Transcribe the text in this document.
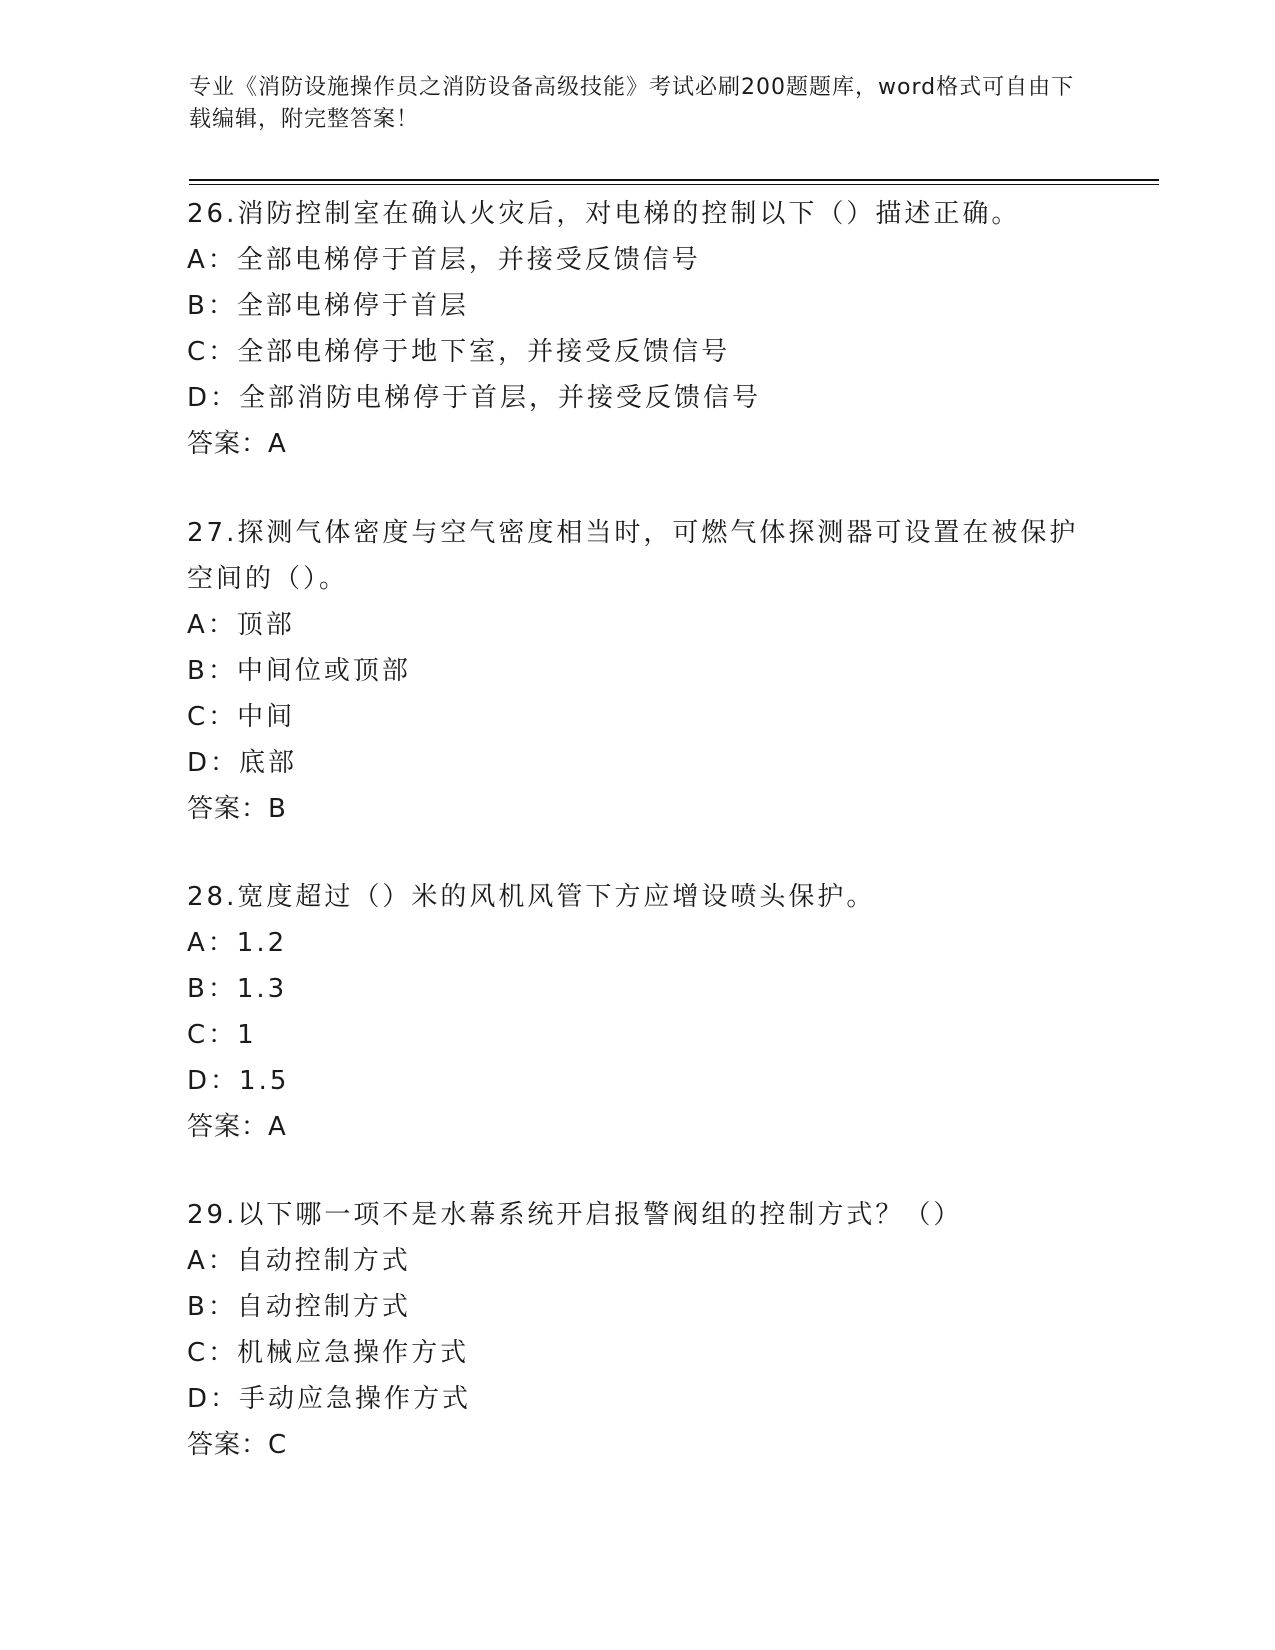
专业《消防设施操作员之消防设备高级技能》考试必刷200题题库，word格式可自由下载编辑，附完整答案！

26.消防控制室在确认火灾后，对电梯的控制以下（）描述正确。
A：全部电梯停于首层，并接受反馈信号
B：全部电梯停于首层
C：全部电梯停于地下室，并接受反馈信号
D：全部消防电梯停于首层，并接受反馈信号
答案：A
27.探测气体密度与空气密度相当时，可燃气体探测器可设置在被保护
空间的（）。
A：顶部
B：中间位或顶部
C：中间
D：底部
答案：B
28.宽度超过（）米的风机风管下方应增设喷头保护。
A：1.2
B：1.3
C：1
D：1.5
答案：A
29.以下哪一项不是水幕系统开启报警阀组的控制方式？（）
A：自动控制方式
B：自动控制方式
C：机械应急操作方式
D：手动应急操作方式
答案：C
